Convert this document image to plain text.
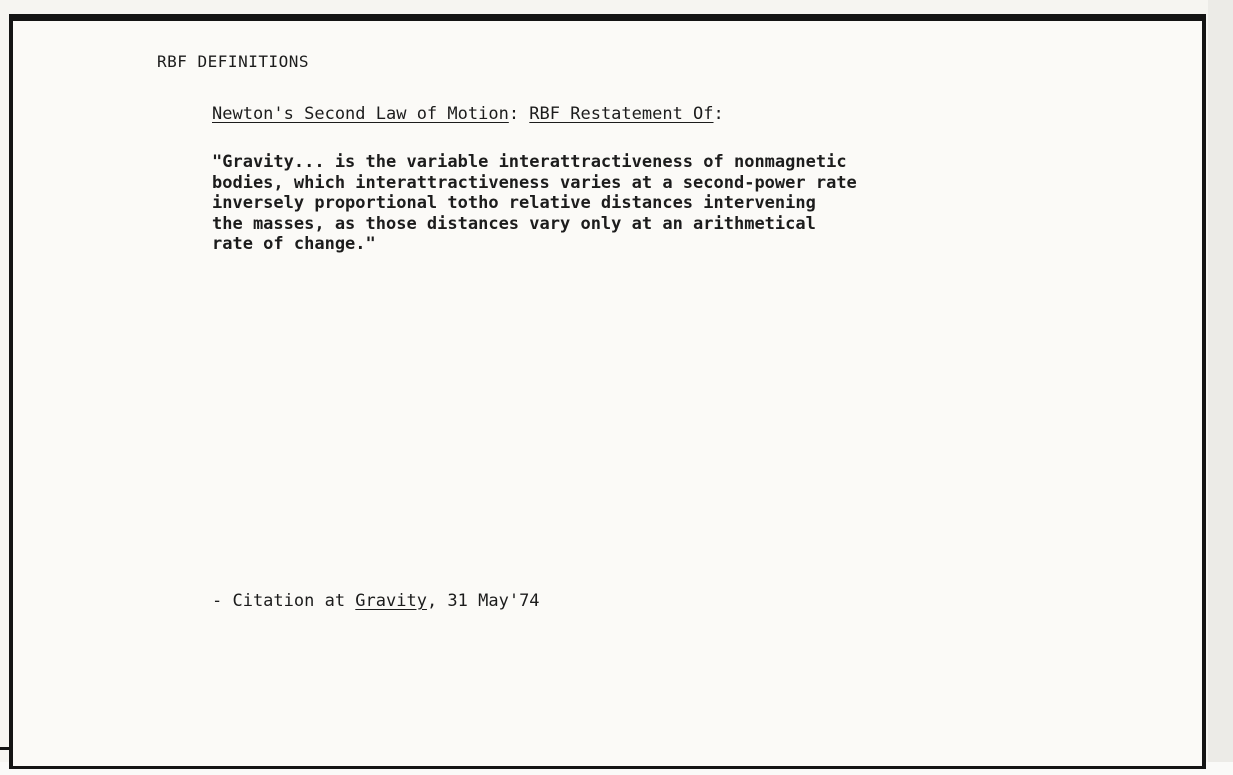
RBF DEFINITIONS
Newton's Second Law of Motion: RBF Restatement Of:
"Gravity... is the variable interattractiveness of nonmagnetic
bodies, which interattractiveness varies at a second-power rate
inversely proportional totho relative distances intervening
the masses, as those distances vary only at an arithmetical
rate of change."
- Citation at Gravity, 31 May'74
